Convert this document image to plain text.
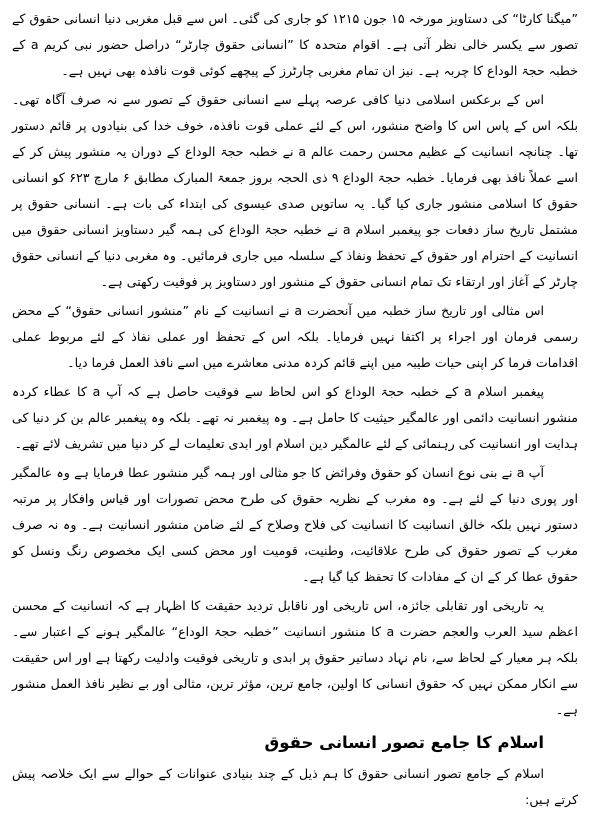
”میگنا کارٹا“ کی دستاویز مورخہ ۱۵ جون ۱۲۱۵ کو جاری کی گئی۔ اس سے قبل مغربی دنیا انسانی حقوق کے تصور سے یکسر خالی نظر آتی ہے۔ اقوام متحدہ کا ”انسانی حقوق چارٹر“ دراصل حضور نبی کریم a کے خطبہ حجۃ الوداع کا چربہ ہے۔ نیز ان تمام مغربی چارٹرز کے پیچھے کوئی قوت نافذہ بھی نہیں ہے۔

اس کے برعکس اسلامی دنیا کافی عرصہ پہلے سے انسانی حقوق کے تصور سے نہ صرف آگاہ تھی۔ بلکہ اس کے پاس اس کا واضح منشور، اس کے لئے عملی قوت نافذہ، خوف خدا کی بنیادوں پر قائم دستور تھا۔ چنانچہ انسانیت کے عظیم محسن رحمت عالم a نے خطبہ حجۃ الوداع کے دوران یہ منشور پیش کر کے اسے عملاً نافذ بھی فرمایا۔ خطبہ حجۃ الوداع ۹ ذی الحجہ بروز جمعۃ المبارک مطابق ۶ مارچ ۶۲۳ کو انسانی حقوق کا اسلامی منشور جاری کیا گیا۔ یہ ساتویں صدی عیسوی کی ابتداء کی بات ہے۔ انسانی حقوق پر مشتمل تاریخ ساز دفعات جو پیغمبر اسلام a نے خطبہ حجۃ الوداع کی ہمہ گیر دستاویز انسانی حقوق میں انسانیت کے احترام اور حقوق کے تحفظ ونفاذ کے سلسلہ میں جاری فرمائیں۔ وہ مغربی دنیا کے انسانی حقوق چارٹر کے آغاز اور ارتقاء تک تمام انسانی حقوق کے منشور اور دستاویز پر فوقیت رکھتی ہے۔

اس مثالی اور تاریخ ساز خطبہ میں آنحضرت a نے انسانیت کے نام ”منشور انسانی حقوق“ کے محض رسمی فرمان اور اجراء پر اکتفا نہیں فرمایا۔ بلکہ اس کے تحفظ اور عملی نفاذ کے لئے مربوط عملی اقدامات فرما کر اپنی حیات طیبہ میں اپنے قائم کردہ مدنی معاشرے میں اسے نافذ العمل فرما دیا۔

پیغمبر اسلام a کے خطبہ حجۃ الوداع کو اس لحاظ سے فوقیت حاصل ہے کہ آپ a کا عطاء کردہ منشور انسانیت دائمی اور عالمگیر حیثیت کا حامل ہے۔ وہ پیغمبر نہ تھے۔ بلکہ وہ پیغمبر عالم بن کر دنیا کی ہدایت اور انسانیت کی رہنمائی کے لئے عالمگیر دین اسلام اور ابدی تعلیمات لے کر دنیا میں تشریف لائے تھے۔

آپ a نے بنی نوع انسان کو حقوق وفرائض کا جو مثالی اور ہمہ گیر منشور عطا فرمایا ہے وہ عالمگیر اور پوری دنیا کے لئے ہے۔ وہ مغرب کے نظریہ حقوق کی طرح محض تصورات اور قیاس وافکار پر مرتبہ دستور نہیں بلکہ خالق انسانیت کا انسانیت کی فلاح وصلاح کے لئے ضامن منشور انسانیت ہے۔ وہ نہ صرف مغرب کے تصور حقوق کی طرح علاقائیت، وطنیت، قومیت اور محض کسی ایک مخصوص رنگ ونسل کو حقوق عطا کر کے ان کے مفادات کا تحفظ کیا گیا ہے۔

یہ تاریخی اور تقابلی جائزہ، اس تاریخی اور ناقابل تردید حقیقت کا اظہار ہے کہ انسانیت کے محسن اعظم سید العرب والعجم حضرت a کا منشور انسانیت ”خطبہ حجۃ الوداع“ عالمگیر ہونے کے اعتبار سے۔ بلکہ ہر معیار کے لحاظ سے، نام نہاد دساتیر حقوق پر ابدی و تاریخی فوقیت وادلیت رکھتا ہے اور اس حقیقت سے انکار ممکن نہیں کہ حقوق انسانی کا اولین، جامع ترین، مؤثر ترین، مثالی اور بے نظیر نافذ العمل منشور ہے۔

اسلام کا جامع تصور انسانی حقوق

اسلام کے جامع تصور انسانی حقوق کا ہم ذیل کے چند بنیادی عنوانات کے حوالے سے ایک خلاصہ پیش کرتے ہیں:
